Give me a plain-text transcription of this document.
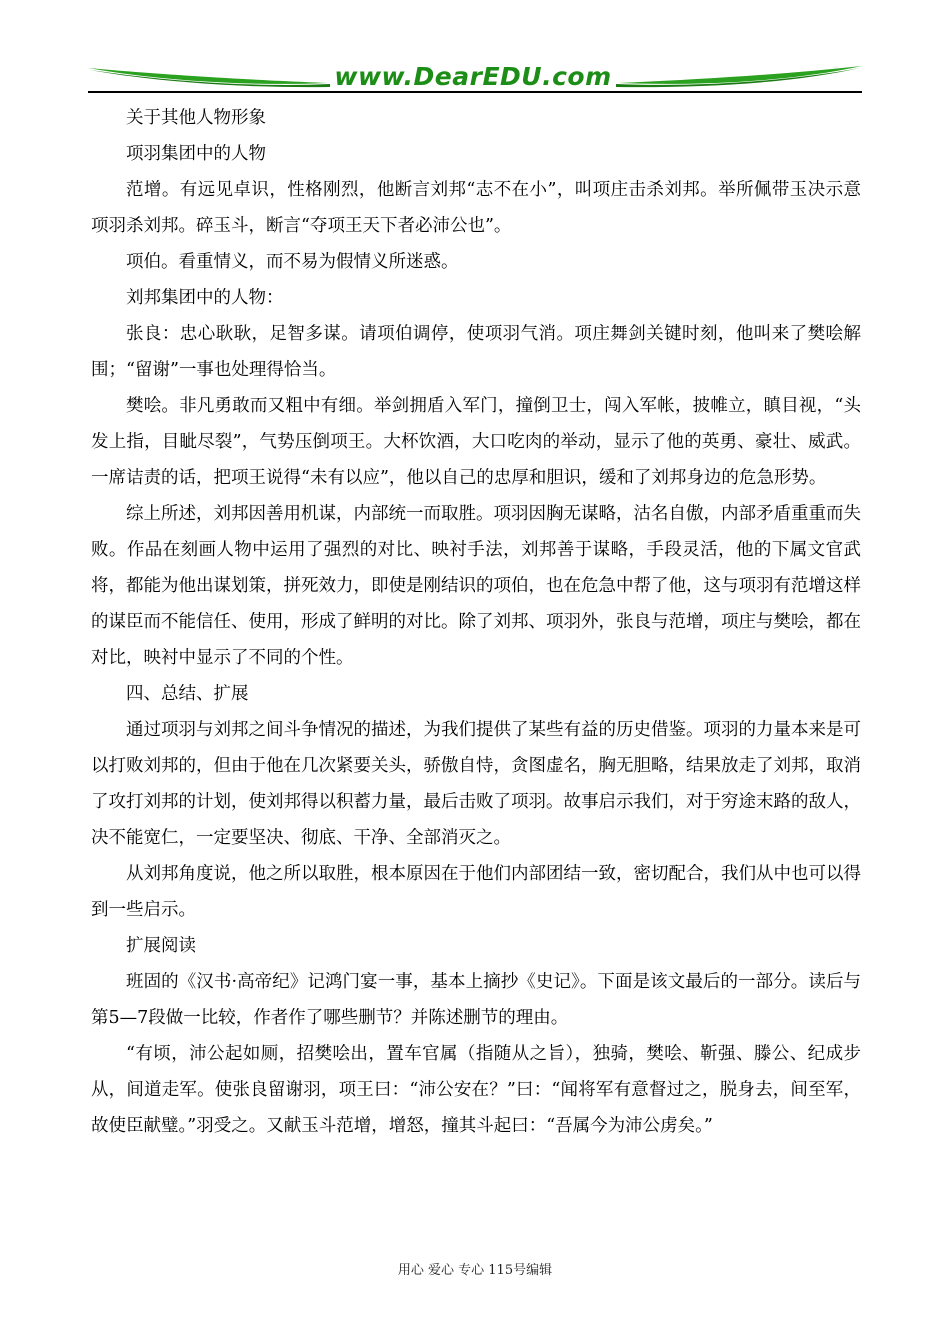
www.DearEDU.com

关于其他人物形象

项羽集团中的人物

范增。有远见卓识，性格刚烈，他断言刘邦“志不在小”，叫项庄击杀刘邦。举所佩带玉决示意项羽杀刘邦。碎玉斗，断言“夺项王天下者必沛公也”。

项伯。看重情义，而不易为假情义所迷惑。

刘邦集团中的人物：

张良：忠心耿耿，足智多谋。请项伯调停，使项羽气消。项庄舞剑关键时刻，他叫来了樊哙解围；“留谢”一事也处理得恰当。

樊哙。非凡勇敢而又粗中有细。举剑拥盾入军门，撞倒卫士，闯入军帐，披帷立，瞋目视，“头发上指，目眦尽裂”，气势压倒项王。大杯饮酒，大口吃肉的举动，显示了他的英勇、豪壮、威武。一席诘责的话，把项王说得“未有以应”，他以自己的忠厚和胆识，缓和了刘邦身边的危急形势。

综上所述，刘邦因善用机谋，内部统一而取胜。项羽因胸无谋略，沽名自傲，内部矛盾重重而失败。作品在刻画人物中运用了强烈的对比、映衬手法，刘邦善于谋略，手段灵活，他的下属文官武将，都能为他出谋划策，拼死效力，即使是刚结识的项伯，也在危急中帮了他，这与项羽有范增这样的谋臣而不能信任、使用，形成了鲜明的对比。除了刘邦、项羽外，张良与范增，项庄与樊哙，都在对比，映衬中显示了不同的个性。

四、总结、扩展

通过项羽与刘邦之间斗争情况的描述，为我们提供了某些有益的历史借鉴。项羽的力量本来是可以打败刘邦的，但由于他在几次紧要关头，骄傲自恃，贪图虚名，胸无胆略，结果放走了刘邦，取消了攻打刘邦的计划，使刘邦得以积蓄力量，最后击败了项羽。故事启示我们，对于穷途末路的敌人，决不能宽仁，一定要坚决、彻底、干净、全部消灭之。

从刘邦角度说，他之所以取胜，根本原因在于他们内部团结一致，密切配合，我们从中也可以得到一些启示。

扩展阅读

班固的《汉书·高帝纪》记鸿门宴一事，基本上摘抄《史记》。下面是该文最后的一部分。读后与第5—7段做一比较，作者作了哪些删节？并陈述删节的理由。

“有顷，沛公起如厕，招樊哙出，置车官属（指随从之旨），独骑，樊哙、靳强、滕公、纪成步从，间道走军。使张良留谢羽，项王曰：“沛公安在？”曰：“闻将军有意督过之，脱身去，间至军，故使臣献璧。”羽受之。又献玉斗范增，增怒，撞其斗起曰：“吾属今为沛公虏矣。”

用心 爱心 专心 115号编辑
